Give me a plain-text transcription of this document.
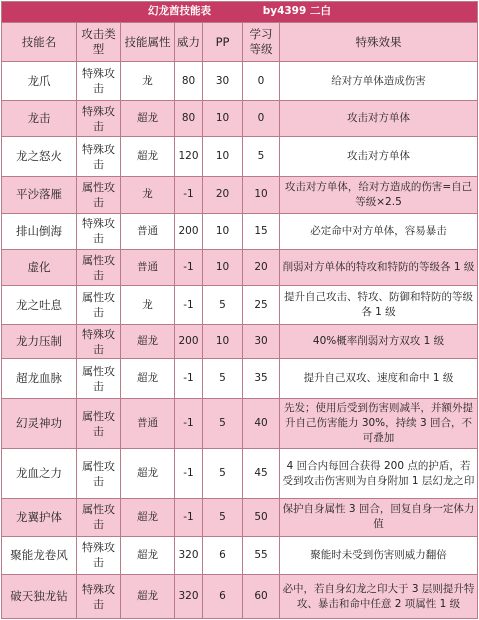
幻龙酋技能表 by4399 二白						
技能名	攻击类型	技能属性	威力	PP	学习等级	特殊效果
龙爪	特殊攻击	龙	80	30	0	给对方单体造成伤害
龙击	特殊攻击	超龙	80	10	0	攻击对方单体
龙之怒火	特殊攻击	超龙	120	10	5	攻击对方单体
平沙落雁	属性攻击	龙	-1	20	10	攻击对方单体，给对方造成的伤害=自己等级×2.5
排山倒海	特殊攻击	普通	200	10	15	必定命中对方单体，容易暴击
虚化	属性攻击	普通	-1	10	20	削弱对方单体的特攻和特防的等级各 1 级
龙之吐息	属性攻击	龙	-1	5	25	提升自己攻击、特攻、防御和特防的等级各 1 级
龙力压制	特殊攻击	超龙	200	10	30	40%概率削弱对方双攻 1 级
超龙血脉	属性攻击	超龙	-1	5	35	提升自己双攻、速度和命中 1 级
幻灵神功	属性攻击	普通	-1	5	40	先发；使用后受到伤害则减半，并额外提升自己伤害能力 30%，持续 3 回合，不可叠加
龙血之力	属性攻击	超龙	-1	5	45	4 回合内每回合获得 200 点的护盾，若受到攻击伤害则为自身附加 1 层幻龙之印
龙翼护体	属性攻击	超龙	-1	5	50	保护自身属性 3 回合，回复自身一定体力值
聚能龙卷风	特殊攻击	超龙	320	6	55	聚能时未受到伤害则威力翻倍
破天独龙钻	特殊攻击	超龙	320	6	60	必中，若自身幻龙之印大于 3 层则提升特攻、暴击和命中任意 2 项属性 1 级
